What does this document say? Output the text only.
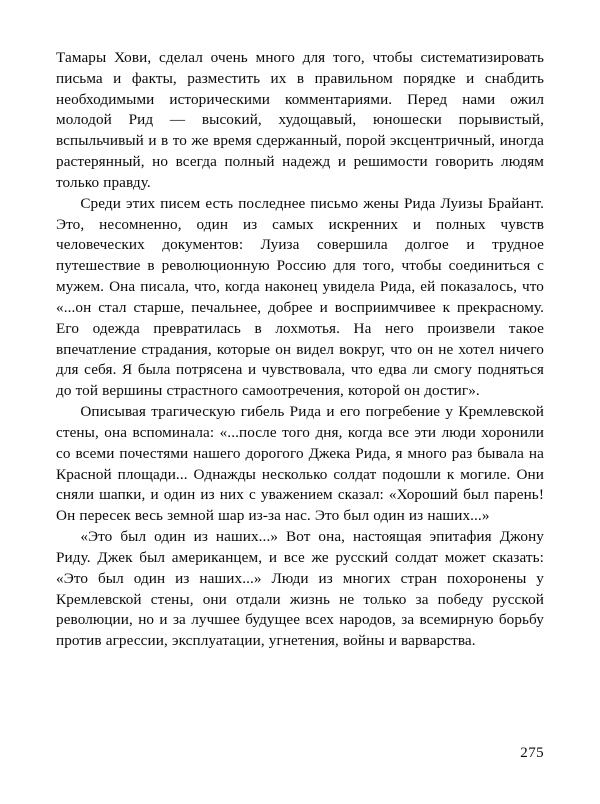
Тамары Хови, сделал очень много для того, чтобы систематизировать письма и факты, разместить их в правильном порядке и снабдить необходимыми историческими комментариями. Перед нами ожил молодой Рид — высокий, худощавый, юношески порывистый, вспыльчивый и в то же время сдержанный, порой эксцентричный, иногда растерянный, но всегда полный надежд и решимости говорить людям только правду.

Среди этих писем есть последнее письмо жены Рида Луизы Брайант. Это, несомненно, один из самых искренних и полных чувств человеческих документов: Луиза совершила долгое и трудное путешествие в революционную Россию для того, чтобы соединиться с мужем. Она писала, что, когда наконец увидела Рида, ей показалось, что «...он стал старше, печальнее, добрее и восприимчивее к прекрасному. Его одежда превратилась в лохмотья. На него произвели такое впечатление страдания, которые он видел вокруг, что он не хотел ничего для себя. Я была потрясена и чувствовала, что едва ли смогу подняться до той вершины страстного самоотречения, которой он достиг».

Описывая трагическую гибель Рида и его погребение у Кремлевской стены, она вспоминала: «...после того дня, когда все эти люди хоронили со всеми почестями нашего дорогого Джека Рида, я много раз бывала на Красной площади... Однажды несколько солдат подошли к могиле. Они сняли шапки, и один из них с уважением сказал: «Хороший был парень! Он пересек весь земной шар из-за нас. Это был один из наших...»

«Это был один из наших...» Вот она, настоящая эпитафия Джону Риду. Джек был американцем, и все же русский солдат может сказать: «Это был один из наших...» Люди из многих стран похоронены у Кремлевской стены, они отдали жизнь не только за победу русской революции, но и за лучшее будущее всех народов, за всемирную борьбу против агрессии, эксплуатации, угнетения, войны и варварства.

275
